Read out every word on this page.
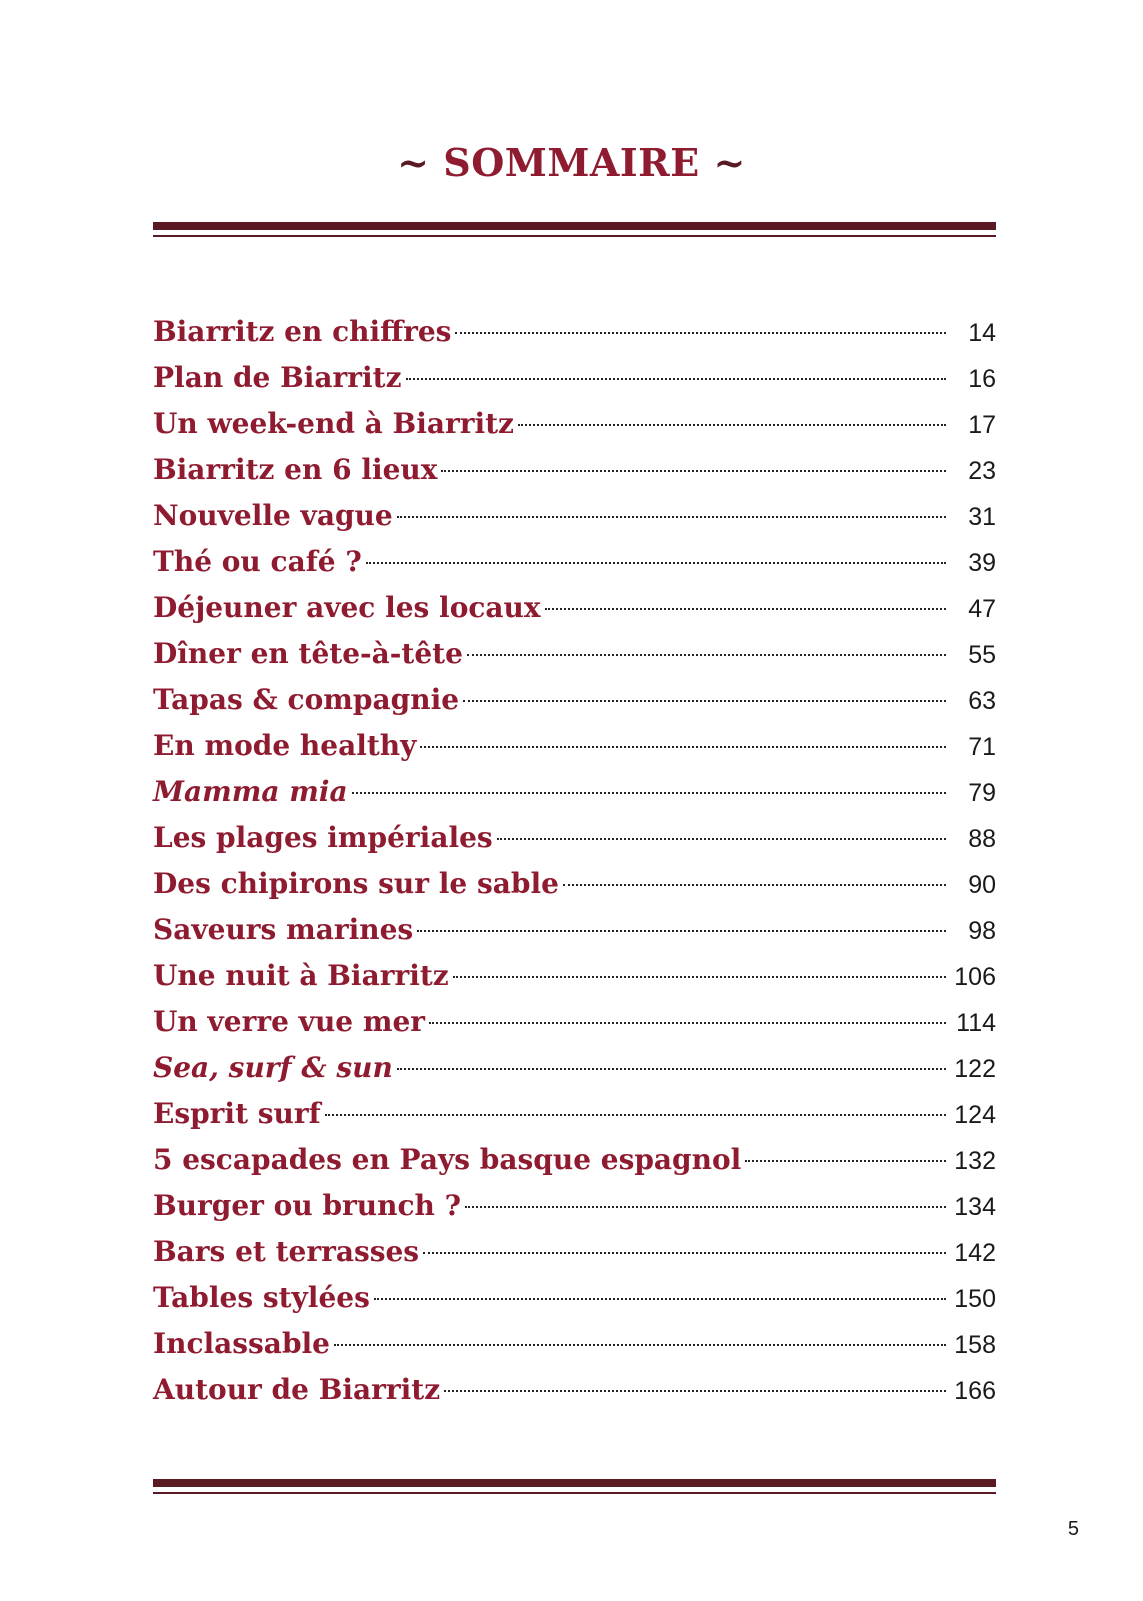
~ SOMMAIRE ~
Biarritz en chiffres	14
Plan de Biarritz	16
Un week-end à Biarritz	17
Biarritz en 6 lieux	23
Nouvelle vague	31
Thé ou café ?	39
Déjeuner avec les locaux	47
Dîner en tête-à-tête	55
Tapas & compagnie	63
En mode healthy	71
Mamma mia	79
Les plages impériales	88
Des chipirons sur le sable	90
Saveurs marines	98
Une nuit à Biarritz	106
Un verre vue mer	114
Sea, surf & sun	122
Esprit surf	124
5 escapades en Pays basque espagnol	132
Burger ou brunch ?	134
Bars et terrasses	142
Tables stylées	150
Inclassable	158
Autour de Biarritz	166
5
